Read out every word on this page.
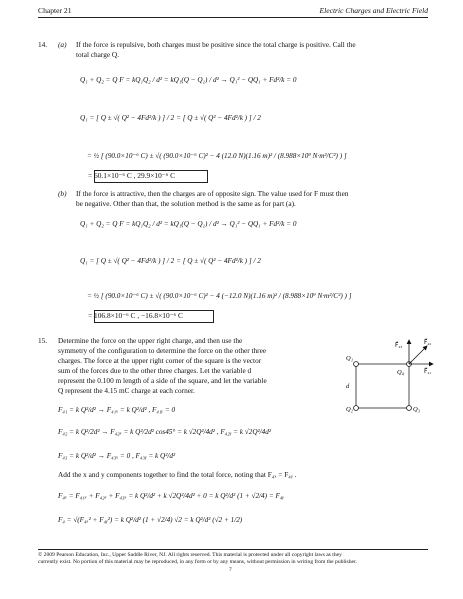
Chapter 21	Electric Charges and Electric Field
14. (a) If the force is repulsive, both charges must be positive since the total charge is positive. Call the
total charge Q.
Q₁ + Q₂ = Q F = kQ₁Q₂ / d² = kQ₁(Q − Q₁) / d² → Q₁² − QQ₁ + Fd²/k = 0
Q₁ = [ Q ± √( Q² − 4Fd²/k ) ] / 2 = [ Q ± √( Q² − 4Fd²/k ) ] / 2
= ½ [ (90.0×10⁻⁶ C) ± √( (90.0×10⁻⁶ C)² − 4 (12.0 N)(1.16 m)² / (8.988×10⁹ N·m²/C²) ) ]
= 60.1×10⁻⁶ C , 29.9×10⁻⁶ C
(b) If the force is attractive, then the charges are of opposite sign. The value used for F must then
be negative. Other than that, the solution method is the same as for part (a).
Q₁ + Q₂ = Q F = kQ₁Q₂ / d² = kQ₁(Q − Q₁) / d² → Q₁² − QQ₁ + Fd²/k = 0
Q₁ = [ Q ± √( Q² − 4Fd²/k ) ] / 2 = [ Q ± √( Q² − 4Fd²/k ) ] / 2
= ½ [ (90.0×10⁻⁶ C) ± √( (90.0×10⁻⁶ C)² − 4 (−12.0 N)(1.16 m)² / (8.988×10⁹ N·m²/C²) ) ]
= 106.8×10⁻⁶ C , −16.8×10⁻⁶ C
15. Determine the force on the upper right charge, and then use the
symmetry of the configuration to determine the force on the other three
charges. The force at the upper right corner of the square is the vector
sum of the forces due to the other three charges. Let the variable d
represent the 0.100 m length of a side of the square, and let the variable
Q represent the 4.15 mC charge at each corner.
F₄₁ = k Q²/d² → F₄₁ₓ = k Q²/d² , F₄₁ᵧ = 0
F₄₂ = k Q²/2d² → F₄₂ₓ = k Q²/2d² cos45° = k √2Q²/4d² , F₄₂ᵧ = k √2Q²/4d²
F₄₃ = k Q²/d² → F₄₃ₓ = 0 , F₄₃ᵧ = k Q²/d²
Add the x and y components together to find the total force, noting that F₄ₓ = F₄ᵧ .
F₄ₓ = F₄₁ₓ + F₄₂ₓ + F₄₃ₓ = k Q²/d² + k √2Q²/4d² + 0 = k Q²/d² (1 + √2/4) = F₄ᵧ
F₄ = √(F₄ₓ² + F₄ᵧ²) = k Q²/d² (1 + √2/4) √2 = k Q²/d² (√2 + 1/2)
Q₁
Q₄
Q₂	Q₃
d
F⃗₄₃	F⃗₄₂
F⃗₄₁
© 2009 Pearson Education, Inc., Upper Saddle River, NJ. All rights reserved. This material is protected under all copyright laws as they
currently exist. No portion of this material may be reproduced, in any form or by any means, without permission in writing from the publisher.
7
